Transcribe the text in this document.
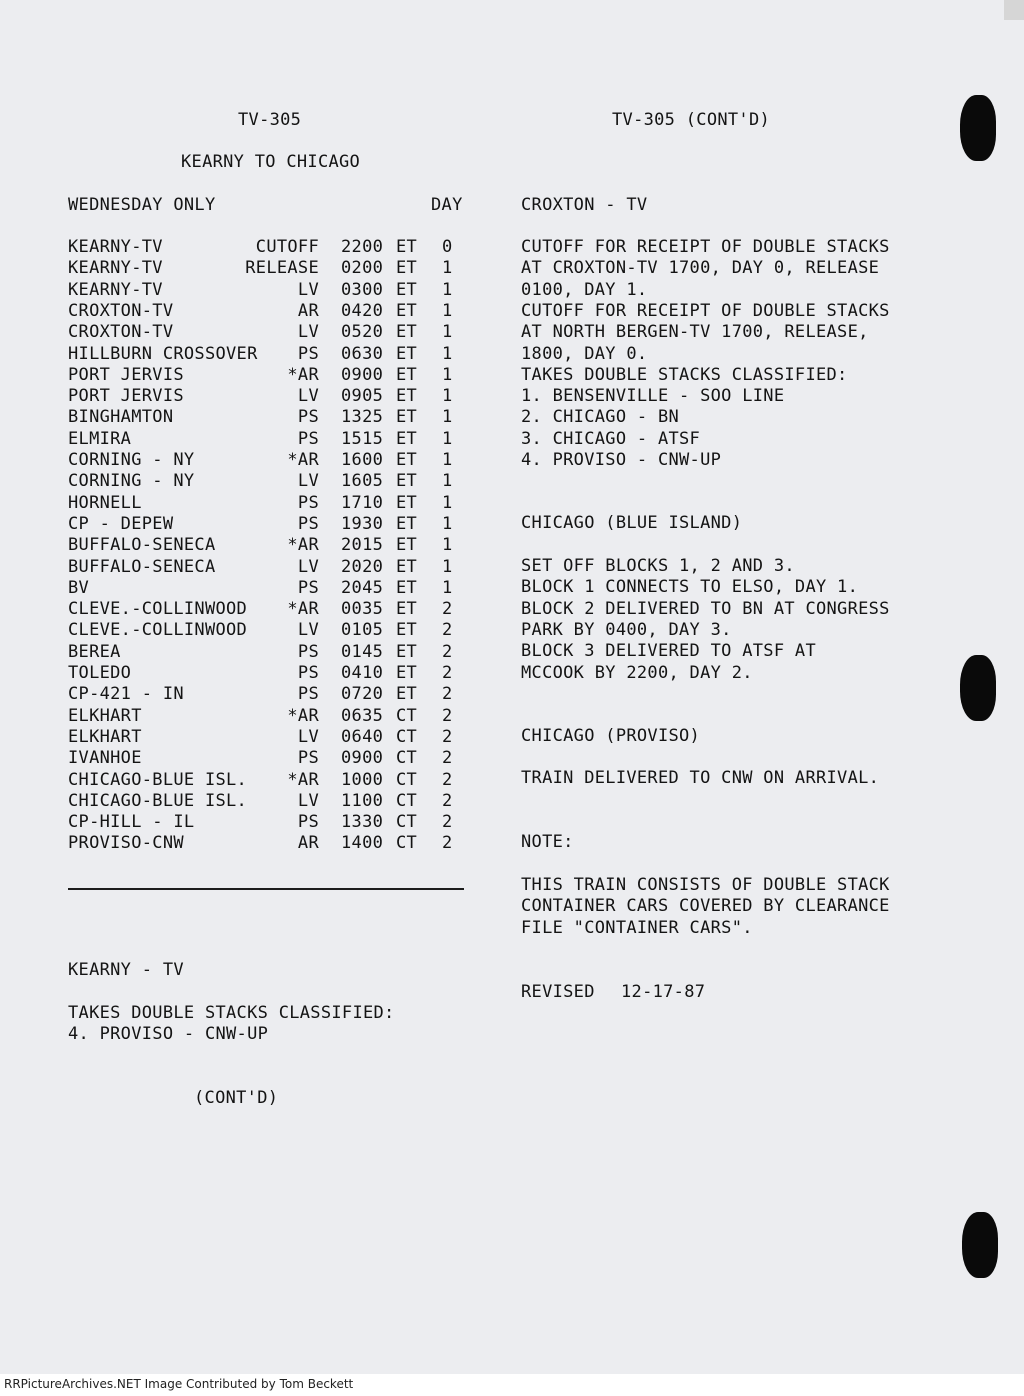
TV-305
KEARNY TO CHICAGO
WEDNESDAY ONLY	DAY
KEARNY-TV	CUTOFF 2200 ET 0
KEARNY-TV	RELEASE 0200 ET 1
KEARNY-TV	LV 0300 ET 1
CROXTON-TV	AR 0420 ET 1
CROXTON-TV	LV 0520 ET 1
HILLBURN CROSSOVER PS 0630 ET 1
PORT JERVIS	*AR 0900 ET 1
PORT JERVIS	LV 0905 ET 1
BINGHAMTON	PS 1325 ET 1
ELMIRA	PS 1515 ET 1
CORNING - NY	*AR 1600 ET 1
CORNING - NY	LV 1605 ET 1
HORNELL	PS 1710 ET 1
CP - DEPEW	PS 1930 ET 1
BUFFALO-SENECA	*AR 2015 ET 1
BUFFALO-SENECA	LV 2020 ET 1
BV	PS 2045 ET 1
CLEVE.-COLLINWOOD *AR 0035 ET 2
CLEVE.-COLLINWOOD	LV 0105 ET 2
BEREA	PS 0145 ET 2
TOLEDO	PS 0410 ET 2
CP-421 - IN	PS 0720 ET 2
ELKHART	*AR 0635 CT 2
ELKHART	LV 0640 CT 2
IVANHOE	PS 0900 CT 2
CHICAGO-BLUE ISL. *AR 1000 CT 2
CHICAGO-BLUE ISL.	LV 1100 CT 2
CP-HILL - IL	PS 1330 CT 2
PROVISO-CNW	AR 1400 CT 2
KEARNY - TV
TAKES DOUBLE STACKS CLASSIFIED:
4. PROVISO - CNW-UP
(CONT'D)
TV-305 (CONT'D)
CROXTON - TV
CUTOFF FOR RECEIPT OF DOUBLE STACKS
AT CROXTON-TV 1700, DAY 0, RELEASE
0100, DAY 1.
CUTOFF FOR RECEIPT OF DOUBLE STACKS
AT NORTH BERGEN-TV 1700, RELEASE,
1800, DAY 0.
TAKES DOUBLE STACKS CLASSIFIED:
1. BENSENVILLE - SOO LINE
2. CHICAGO - BN
3. CHICAGO - ATSF
4. PROVISO - CNW-UP
CHICAGO (BLUE ISLAND)
SET OFF BLOCKS 1, 2 AND 3.
BLOCK 1 CONNECTS TO ELSO, DAY 1.
BLOCK 2 DELIVERED TO BN AT CONGRESS
PARK BY 0400, DAY 3.
BLOCK 3 DELIVERED TO ATSF AT
MCCOOK BY 2200, DAY 2.
CHICAGO (PROVISO)
TRAIN DELIVERED TO CNW ON ARRIVAL.
NOTE:
THIS TRAIN CONSISTS OF DOUBLE STACK
CONTAINER CARS COVERED BY CLEARANCE
FILE "CONTAINER CARS".
REVISED 12-17-87
RRPictureArchives.NET Image Contributed by Tom Beckett
